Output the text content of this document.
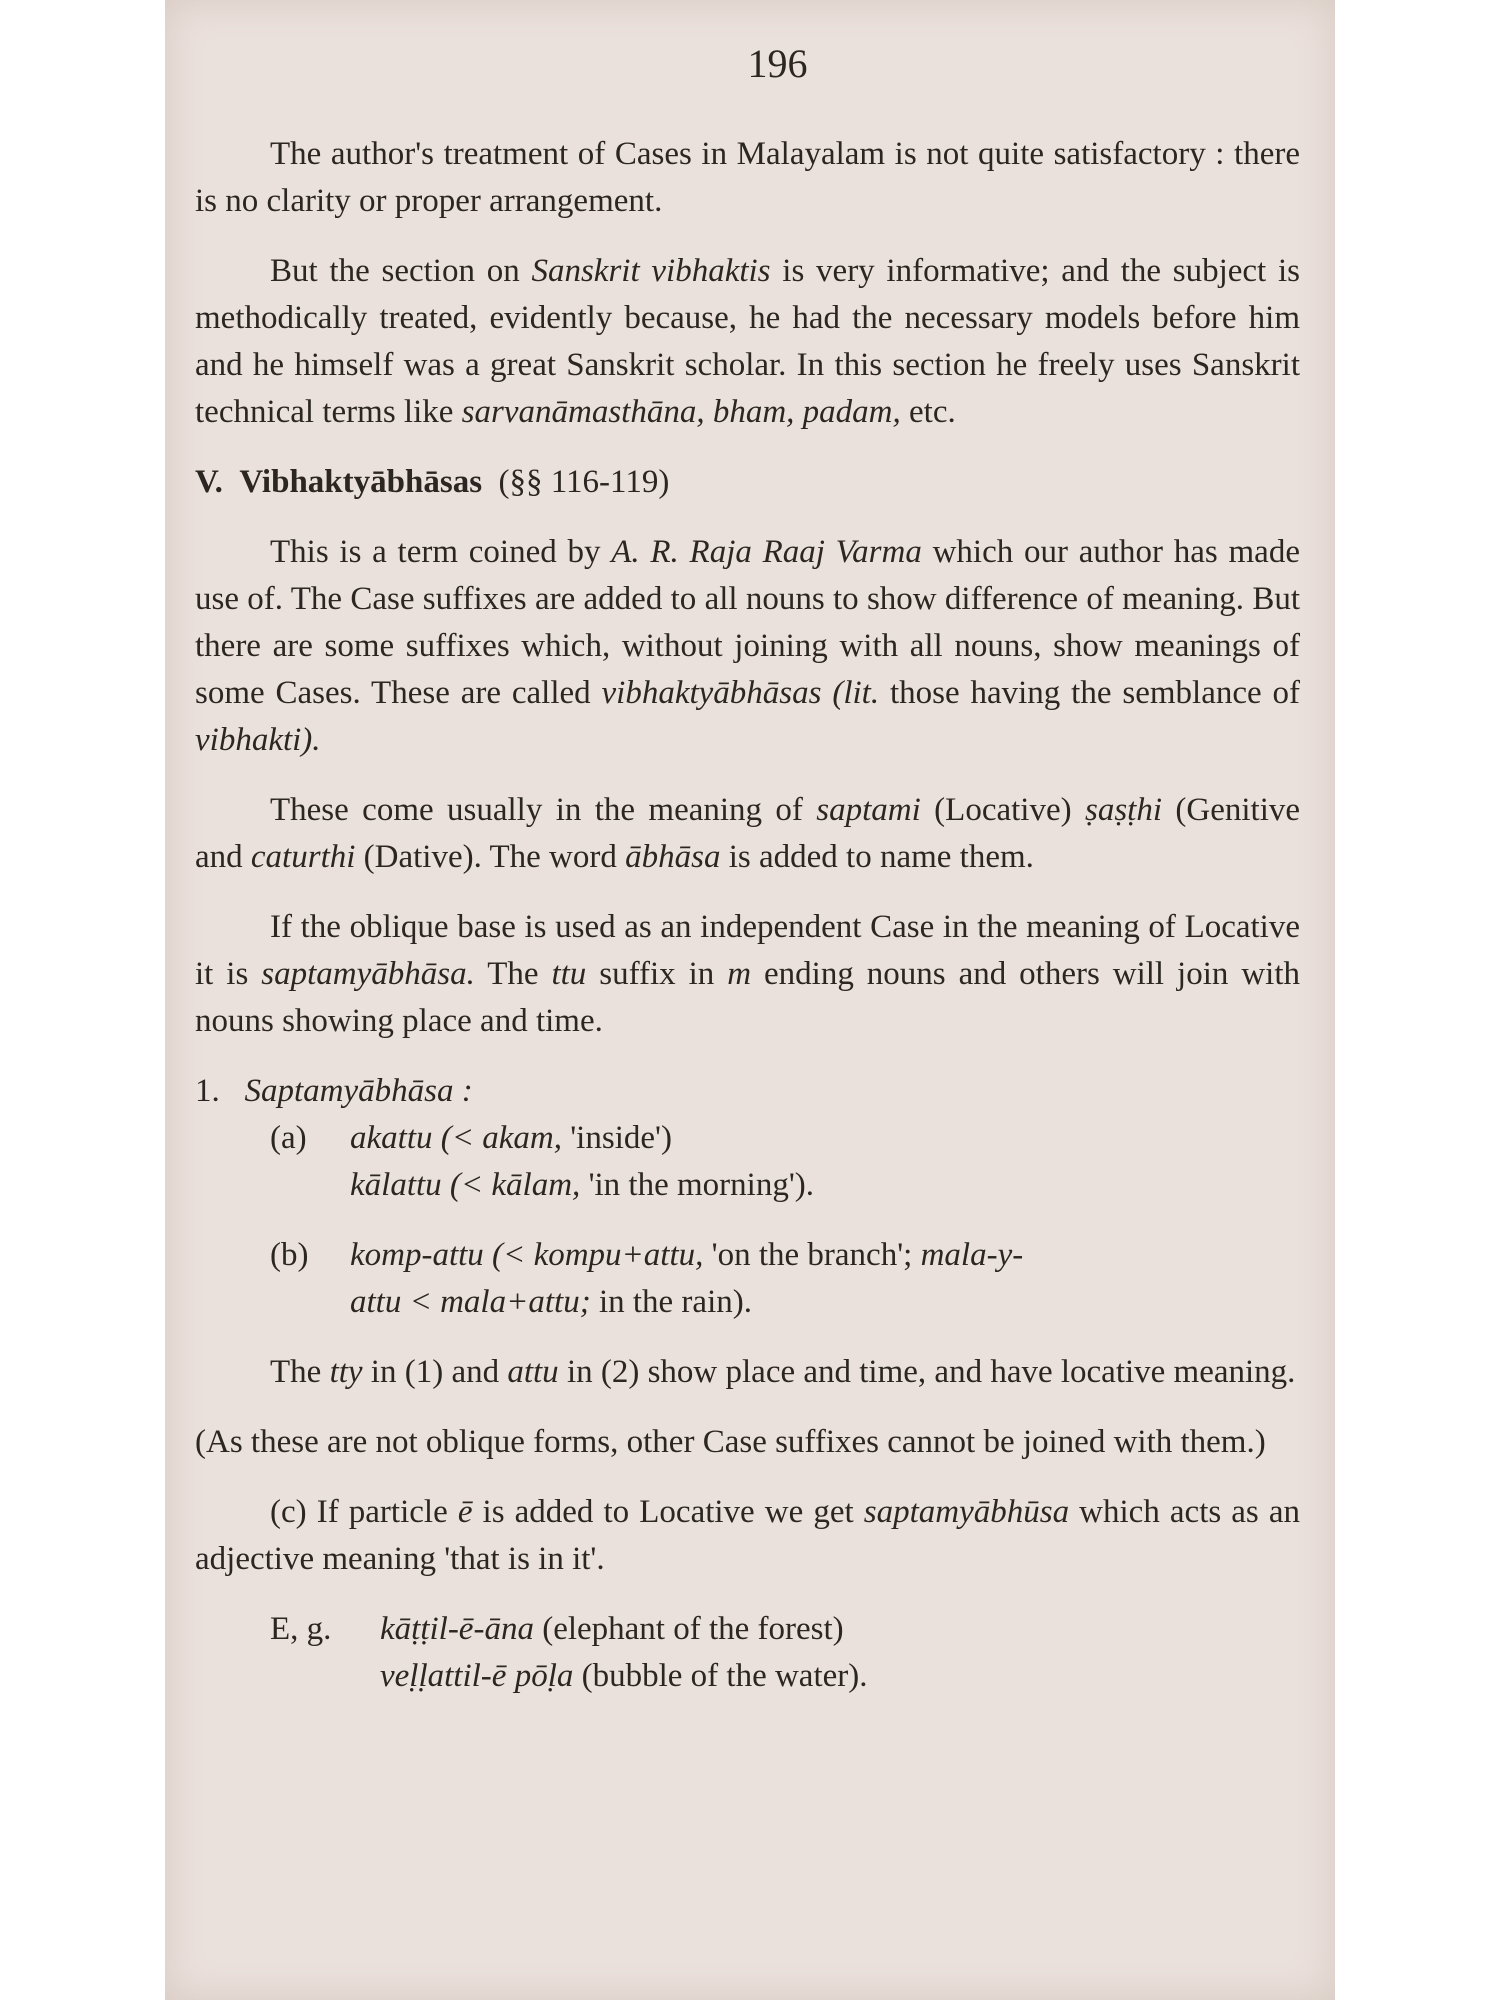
196

The author's treatment of Cases in Malayalam is not quite satisfactory : there is no clarity or proper arrangement.

But the section on Sanskrit vibhaktis is very informative; and the subject is methodically treated, evidently because, he had the necessary models before him and he himself was a great Sanskrit scholar. In this section he freely uses Sanskrit technical terms like sarvanāmasthāna, bham, padam, etc.

V. Vibhaktyābhāsas (§§ 116-119)

This is a term coined by A. R. Raja Raaj Varma which our author has made use of. The Case suffixes are added to all nouns to show difference of meaning. But there are some suffixes which, without joining with all nouns, show meanings of some Cases. These are called vibhaktyābhāsas (lit. those having the semblance of vibhakti).

These come usually in the meaning of saptami (Locative) ṣaṣṭhi (Genitive and caturthi (Dative). The word ābhāsa is added to name them.

If the oblique base is used as an independent Case in the meaning of Locative it is saptamyābhāsa. The ttu suffix in m ending nouns and others will join with nouns showing place and time.

1. Saptamyābhāsa :

(a) akattu (< akam, 'inside')

kālattu (< kālam, 'in the morning').

(b) komp-attu (< kompu+attu, 'on the branch'; mala-y-

attu < mala+attu; in the rain).

The tty in (1) and attu in (2) show place and time, and have locative meaning.

(As these are not oblique forms, other Case suffixes cannot be joined with them.)

(c) If particle ē is added to Locative we get saptamyābhūsa which acts as an adjective meaning 'that is in it'.

E, g. kāṭṭil-ē-āna (elephant of the forest)

veḷḷattil-ē pōḷa (bubble of the water).
